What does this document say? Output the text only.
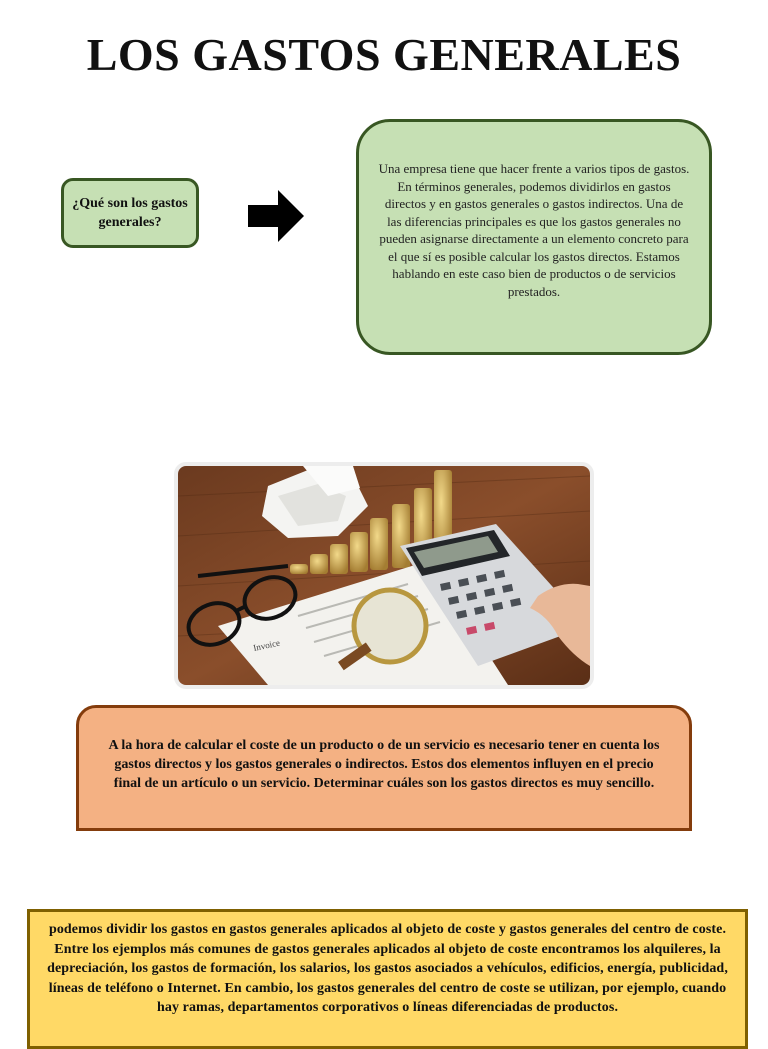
LOS GASTOS GENERALES
¿Qué son los gastos generales?
Una empresa tiene que hacer frente a varios tipos de gastos. En términos generales, podemos dividirlos en gastos directos y en gastos generales o gastos indirectos. Una de las diferencias principales es que los gastos generales no pueden asignarse directamente a un elemento concreto para el que sí es posible calcular los gastos directos. Estamos hablando en este caso bien de productos o de servicios prestados.
Invoice
A la hora de calcular el coste de un producto o de un servicio es necesario tener en cuenta los gastos directos y los gastos generales o indirectos. Estos dos elementos influyen en el precio final de un artículo o un servicio. Determinar cuáles son los gastos directos es muy sencillo.
podemos dividir los gastos en gastos generales aplicados al objeto de coste y gastos generales del centro de coste. Entre los ejemplos más comunes de gastos generales aplicados al objeto de coste encontramos los alquileres, la depreciación, los gastos de formación, los salarios, los gastos asociados a vehículos, edificios, energía, publicidad, líneas de teléfono o Internet. En cambio, los gastos generales del centro de coste se utilizan, por ejemplo, cuando hay ramas, departamentos corporativos o líneas diferenciadas de productos.
